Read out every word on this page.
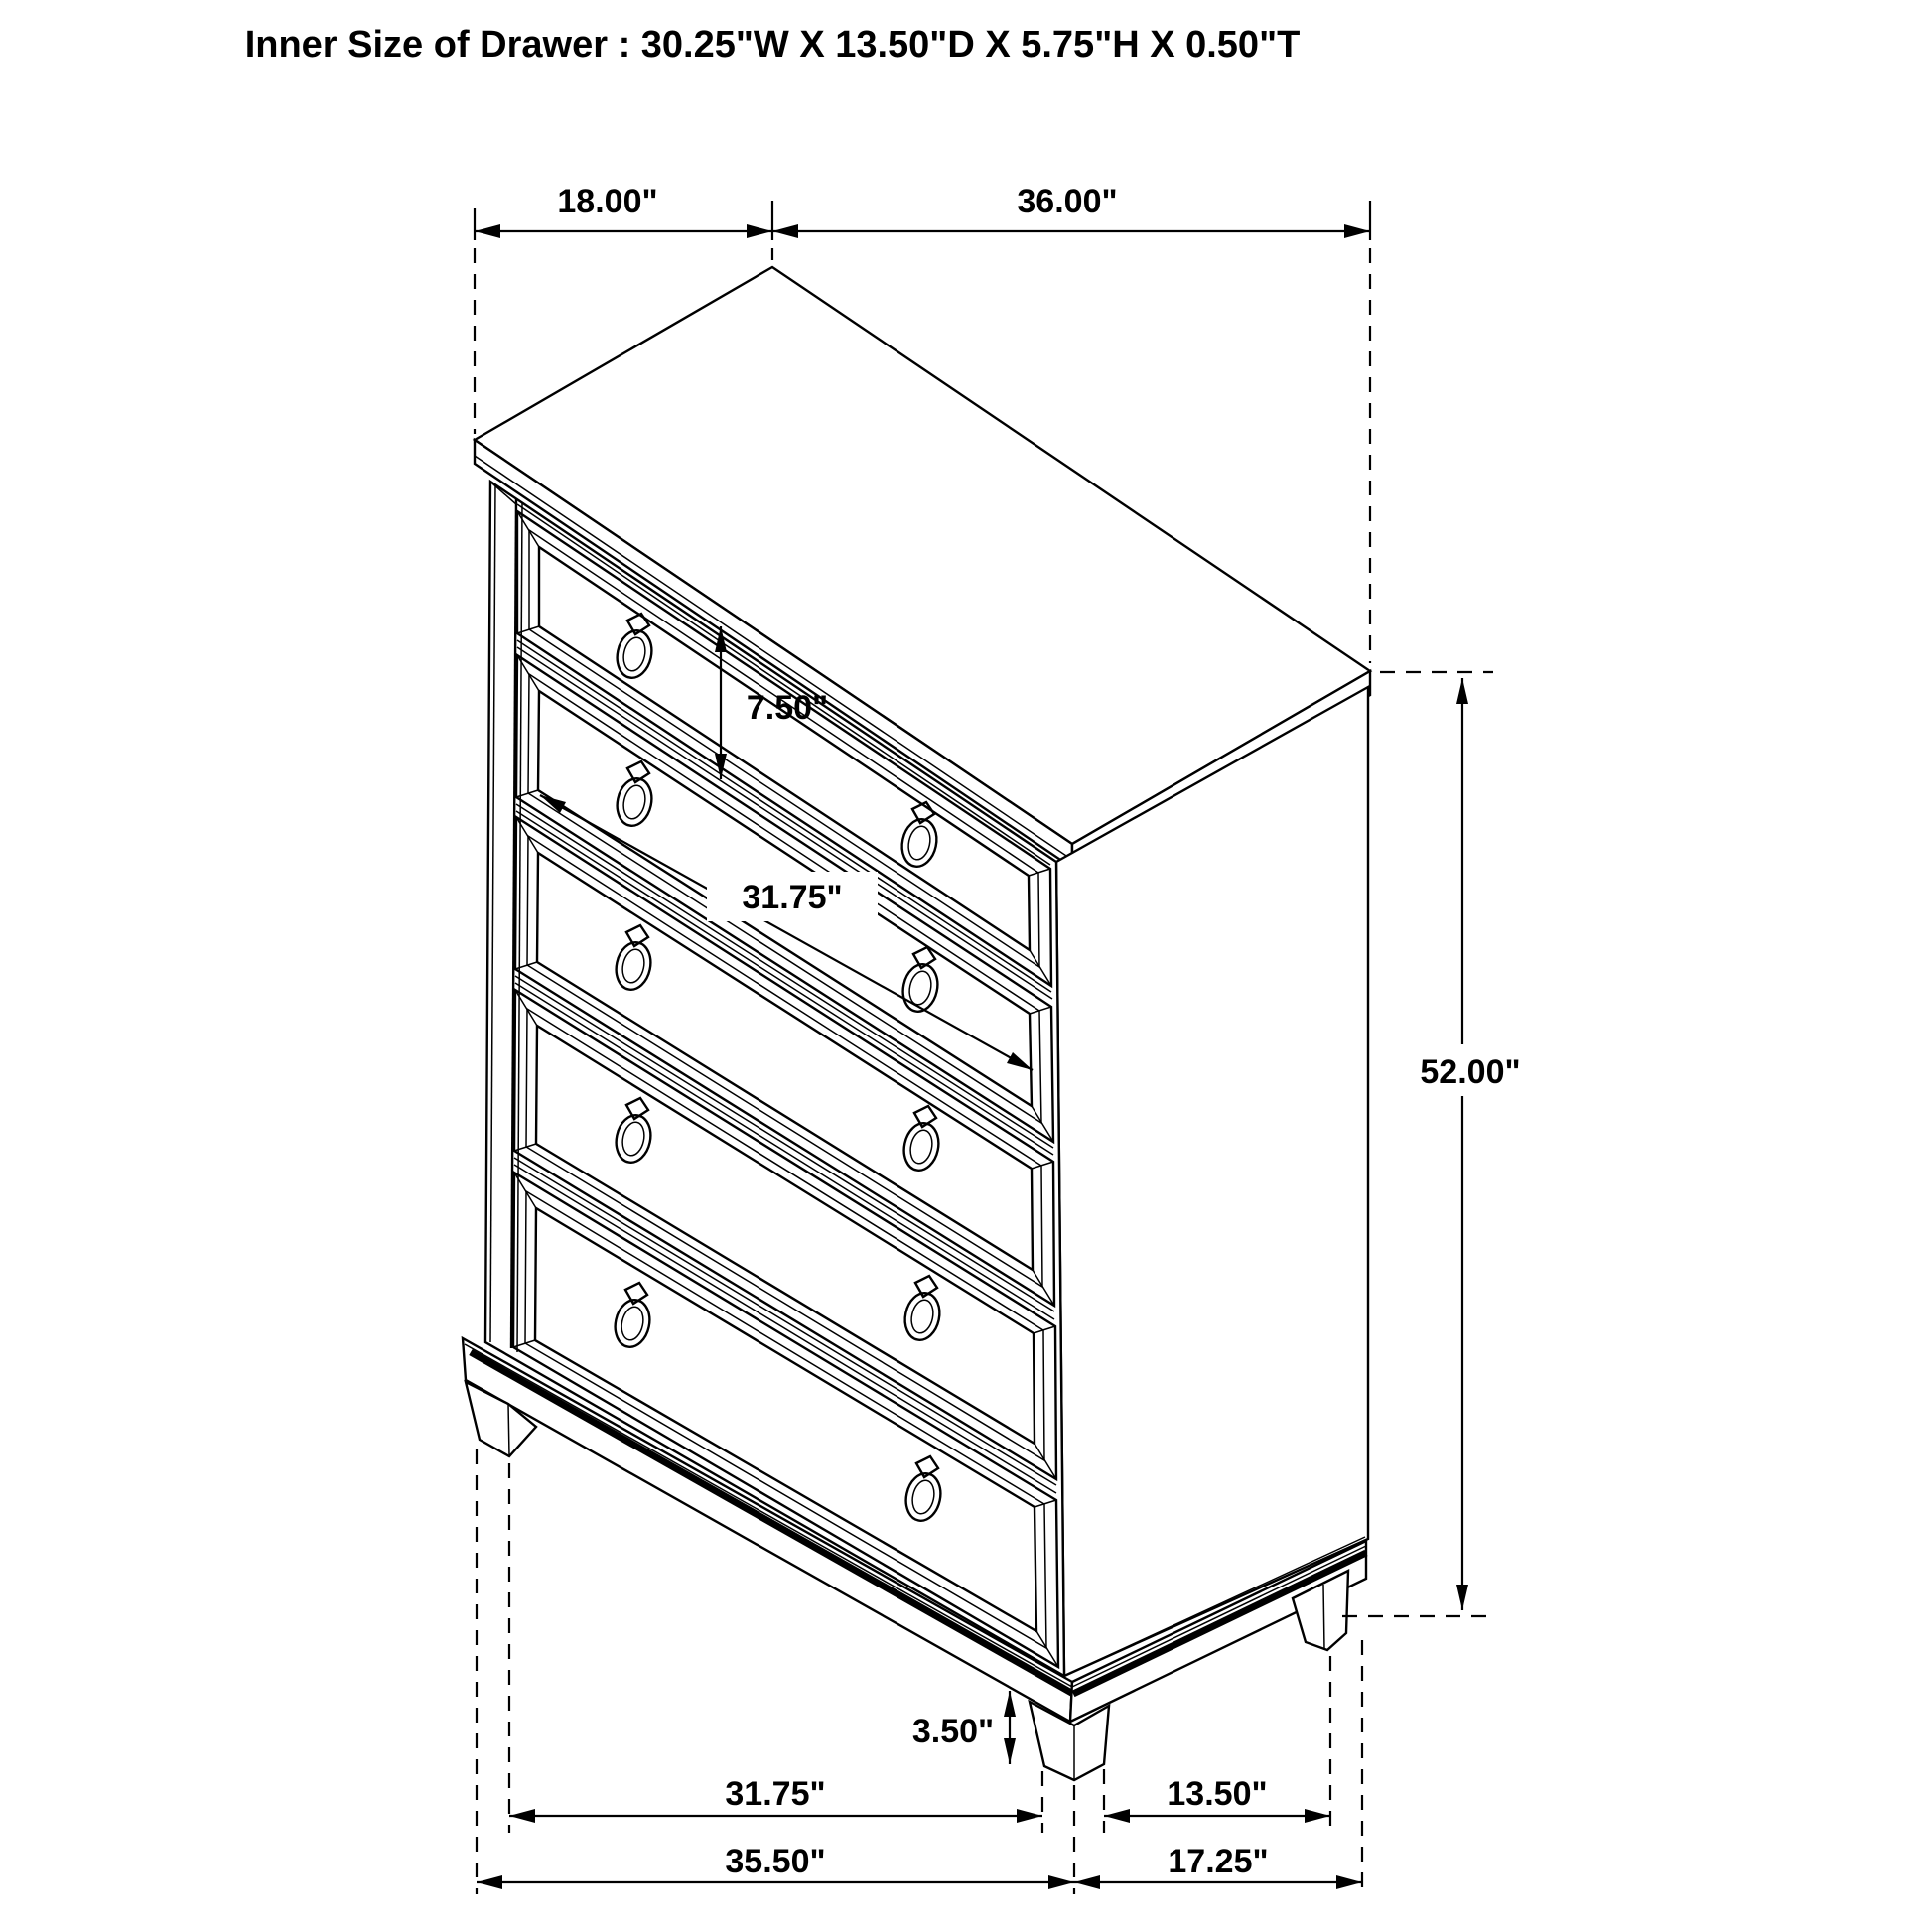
18.00"	36.00"
7.50"
31.75"
52.00"
3.50"
31.75"	13.50"
35.50"	17.25"
Inner Size of Drawer : 30.25"W X 13.50"D X 5.75"H X 0.50"T
